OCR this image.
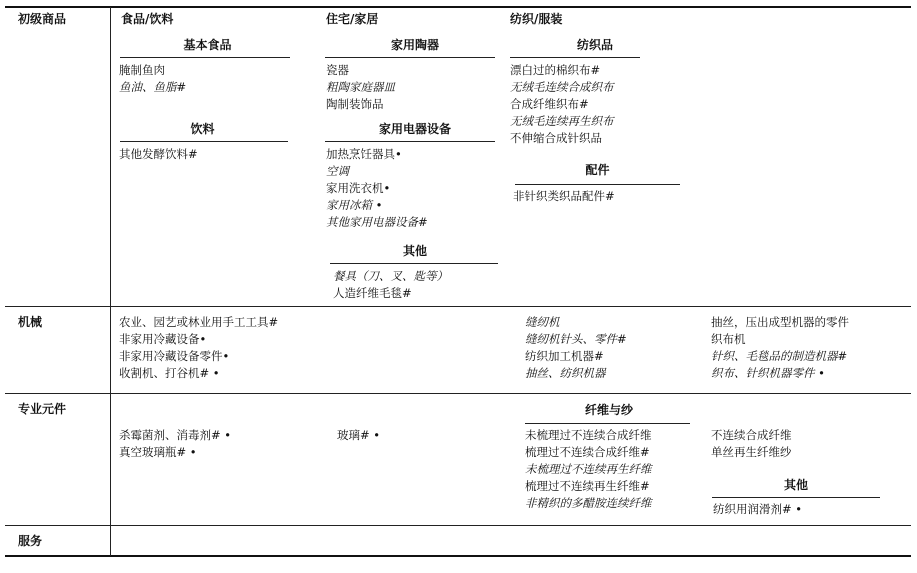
初级商品
机械
专业元件
服务
食品/饮料	住宅/家居	纺织/服装
基本食品
腌制鱼肉
鱼油、鱼脂#
饮料
其他发酵饮料#
家用陶器
瓷器
粗陶家庭器皿
陶制装饰品
家用电器设备
加热烹饪器具•
空调
家用洗衣机•
家用冰箱 •
其他家用电器设备#
其他
餐具（刀、叉、匙等）
人造纤维毛毯#
纺织品
漂白过的棉织布#
无绒毛连续合成织布
合成纤维织布#
无绒毛连续再生织布
不伸缩合成针织品
配件
非针织类织品配件#
农业、园艺或林业用手工工具#
非家用冷藏设备•
非家用冷藏设备零件•
收割机、打谷机# •
缝纫机
缝纫机针头、零件#
纺织加工机器#
抽丝、纺织机器
抽丝，压出成型机器的零件
织布机
针织、毛毯品的制造机器#
织布、针织机器零件 •
杀霉菌剂、消毒剂# •
真空玻璃瓶# •
玻璃# •
纤维与纱
未梳理过不连续合成纤维
梳理过不连续合成纤维#
未梳理过不连续再生纤维
梳理过不连续再生纤维#
非精织的多醋胺连续纤维
不连续合成纤维
单丝再生纤维纱
其他
纺织用润滑剂# •
